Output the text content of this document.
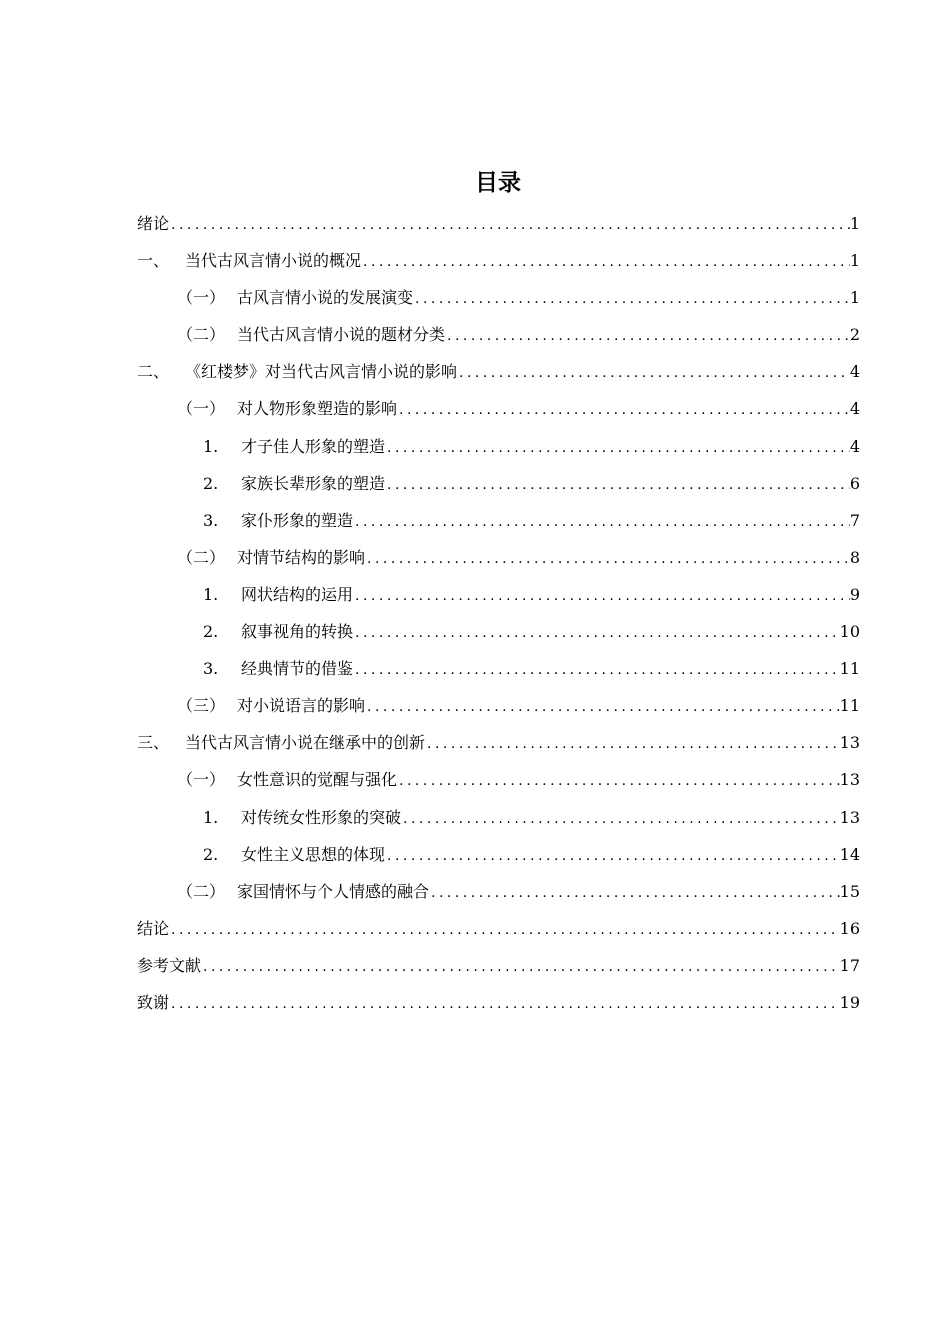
目录
绪论 .....	1
一、 当代古风言情小说的概况 .....	1
（一） 古风言情小说的发展演变 .....	1
（二） 当代古风言情小说的题材分类 .....	2
二、 《红楼梦》对当代古风言情小说的影响 .....	4
（一） 对人物形象塑造的影响 .....	4
1.	才子佳人形象的塑造 .....	4
2.	家族长辈形象的塑造 .....	6
3.	家仆形象的塑造 .....	7
（二） 对情节结构的影响 .....	8
1.	网状结构的运用 .....	9
2.	叙事视角的转换 .....	10
3.	经典情节的借鉴 .....	11
（三） 对小说语言的影响 .....	11
三、 当代古风言情小说在继承中的创新 .....	13
（一） 女性意识的觉醒与强化 .....	13
1.	对传统女性形象的突破 .....	13
2.	女性主义思想的体现 .....	14
（二） 家国情怀与个人情感的融合 .....	15
结论 .....	16
参考文献 .....	17
致谢 .....	19
